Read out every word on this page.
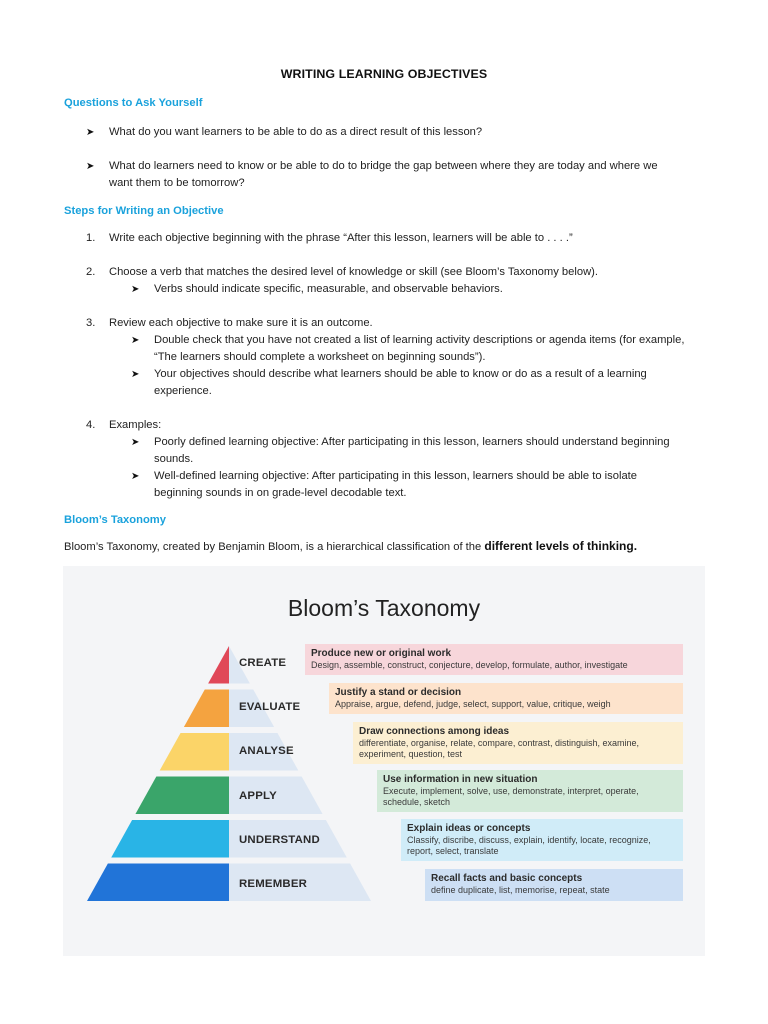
WRITING LEARNING OBJECTIVES
Questions to Ask Yourself
➤ What do you want learners to be able to do as a direct result of this lesson?
➤ What do learners need to know or be able to do to bridge the gap between where they are today and where we
want them to be tomorrow?
Steps for Writing an Objective
1. Write each objective beginning with the phrase “After this lesson, learners will be able to . . . .”
2. Choose a verb that matches the desired level of knowledge or skill (see Bloom’s Taxonomy below).
➤ Verbs should indicate specific, measurable, and observable behaviors.
3. Review each objective to make sure it is an outcome.
➤ Double check that you have not created a list of learning activity descriptions or agenda items (for example,
“The learners should complete a worksheet on beginning sounds”).
➤ Your objectives should describe what learners should be able to know or do as a result of a learning
experience.
4. Examples:
➤ Poorly defined learning objective: After participating in this lesson, learners should understand beginning
sounds.
➤ Well-defined learning objective: After participating in this lesson, learners should be able to isolate
beginning sounds in on grade-level decodable text.
Bloom’s Taxonomy
Bloom’s Taxonomy, created by Benjamin Bloom, is a hierarchical classification of the different levels of thinking.
Bloom’s Taxonomy
CREATE
EVALUATE
ANALYSE
APPLY
UNDERSTAND
REMEMBER
Produce new or original work
Design, assemble, construct, conjecture, develop, formulate, author, investigate
Justify a stand or decision
Appraise, argue, defend, judge, select, support, value, critique, weigh
Draw connections among ideas
differentiate, organise, relate, compare, contrast, distinguish, examine, experiment, question, test
Use information in new situation
Execute, implement, solve, use, demonstrate, interpret, operate, schedule, sketch
Explain ideas or concepts
Classify, discribe, discuss, explain, identify, locate, recognize, report, select, translate
Recall facts and basic concepts
define duplicate, list, memorise, repeat, state
